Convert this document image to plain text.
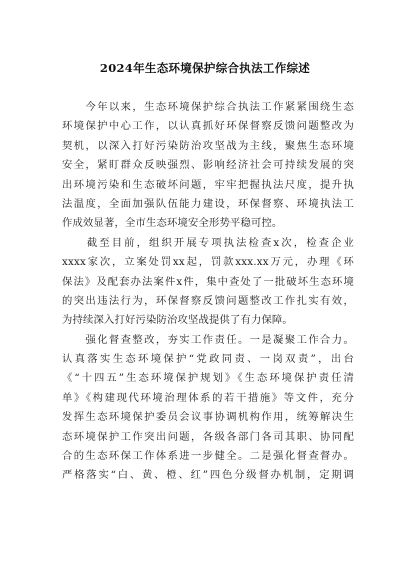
2024年生态环境保护综合执法工作综述
　　今年以来，生态环境保护综合执法工作紧紧围绕生态
环境保护中心工作，以认真抓好环保督察反馈问题整改为
契机，以深入打好污染防治攻坚战为主线，聚焦生态环境
安全，紧盯群众反映强烈、影响经济社会可持续发展的突
出环境污染和生态破坏问题，牢牢把握执法尺度，提升执
法温度，全面加强队伍能力建设，环保督察、环境执法工
作成效显著，全市生态环境安全形势平稳可控。
　　截至目前，组织开展专项执法检查x次，检查企业
xxxx家次，立案处罚xx起，罚款xxx.xx万元，办理《环
保法》及配套办法案件x件，集中查处了一批破坏生态环境
的突出违法行为，环保督察反馈问题整改工作扎实有效，
为持续深入打好污染防治攻坚战提供了有力保障。
　　强化督查整改，夯实工作责任。一是凝聚工作合力。
认真落实生态环境保护“党政同责、一岗双责”，出台
《“十四五”生态环境保护规划》《生态环境保护责任清
单》《构建现代环境治理体系的若干措施》等文件，充分
发挥生态环境保护委员会议事协调机构作用，统筹解决生
态环境保护工作突出问题，各级各部门各司其职、协同配
合的生态环保工作体系进一步健全。二是强化督查督办。
严格落实“白、黄、橙、红”四色分级督办机制，定期调
